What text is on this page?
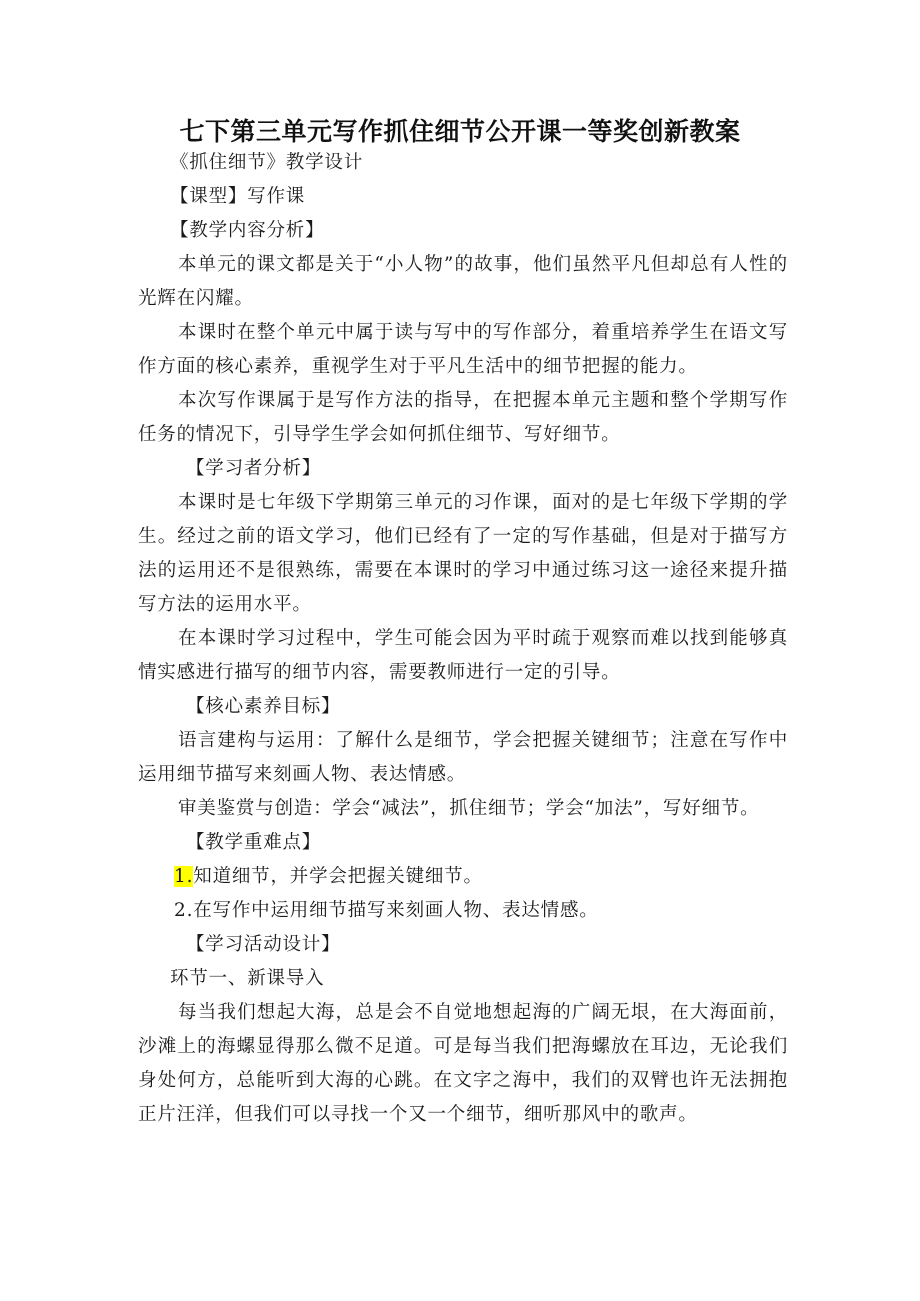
七下第三单元写作抓住细节公开课一等奖创新教案

《抓住细节》教学设计

【课型】写作课

【教学内容分析】

本单元的课文都是关于“小人物”的故事，他们虽然平凡但却总有人性的光辉在闪耀。

本课时在整个单元中属于读与写中的写作部分，着重培养学生在语文写作方面的核心素养，重视学生对于平凡生活中的细节把握的能力。

本次写作课属于是写作方法的指导，在把握本单元主题和整个学期写作任务的情况下，引导学生学会如何抓住细节、写好细节。

【学习者分析】

本课时是七年级下学期第三单元的习作课，面对的是七年级下学期的学生。经过之前的语文学习，他们已经有了一定的写作基础，但是对于描写方法的运用还不是很熟练，需要在本课时的学习中通过练习这一途径来提升描写方法的运用水平。

在本课时学习过程中，学生可能会因为平时疏于观察而难以找到能够真情实感进行描写的细节内容，需要教师进行一定的引导。

【核心素养目标】

语言建构与运用：了解什么是细节，学会把握关键细节；注意在写作中运用细节描写来刻画人物、表达情感。

审美鉴赏与创造：学会“减法”，抓住细节；学会“加法”，写好细节。

【教学重难点】

1.知道细节，并学会把握关键细节。

2.在写作中运用细节描写来刻画人物、表达情感。

【学习活动设计】

环节一、新课导入

每当我们想起大海，总是会不自觉地想起海的广阔无垠，在大海面前，沙滩上的海螺显得那么微不足道。可是每当我们把海螺放在耳边，无论我们身处何方，总能听到大海的心跳。在文字之海中，我们的双臂也许无法拥抱正片汪洋，但我们可以寻找一个又一个细节，细听那风中的歌声。
